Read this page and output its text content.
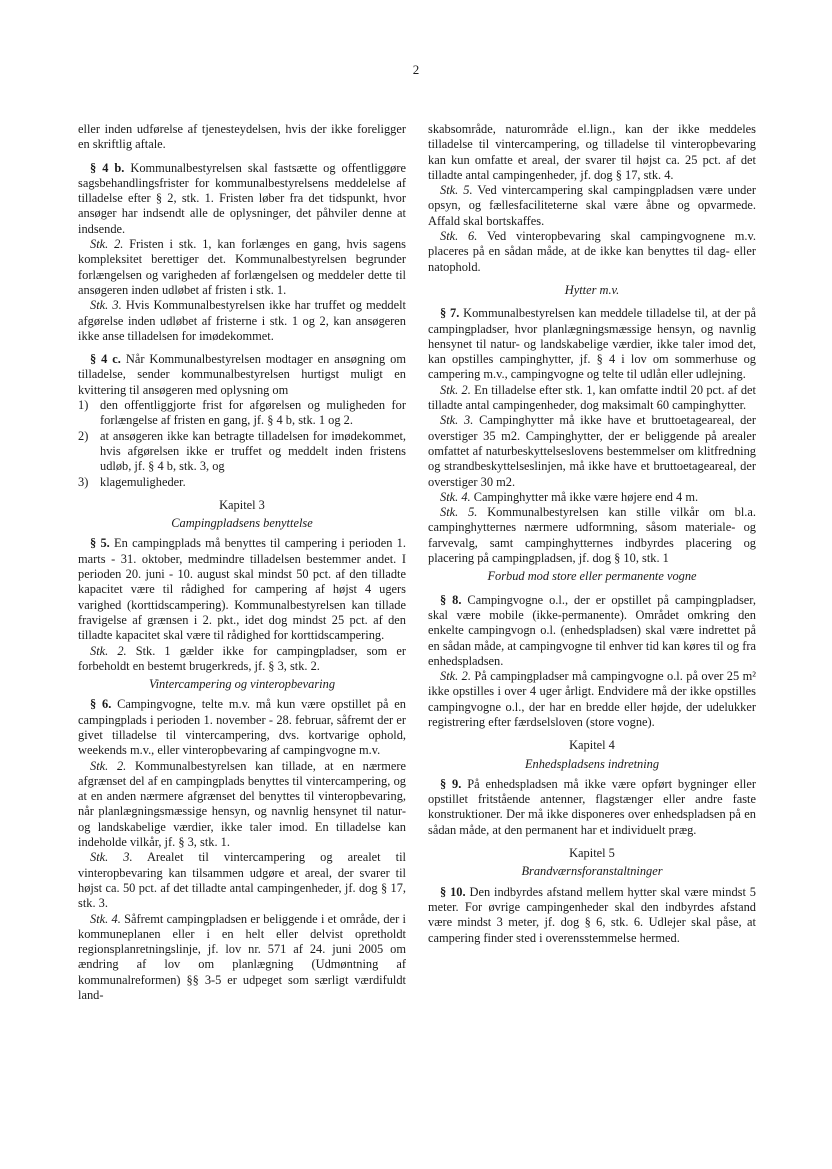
2

eller inden udførelse af tjenesteydelsen, hvis der ikke foreligger en skriftlig aftale.

§ 4 b. Kommunalbestyrelsen skal fastsætte og offentliggøre sagsbehandlingsfrister for kommunalbestyrelsens meddelelse af tilladelse efter § 2, stk. 1. Fristen løber fra det tidspunkt, hvor ansøger har indsendt alle de oplysninger, det påhviler denne at indsende.

Stk. 2. Fristen i stk. 1, kan forlænges en gang, hvis sagens kompleksitet berettiger det. Kommunalbestyrelsen begrunder forlængelsen og varigheden af forlængelsen og meddeler dette til ansøgeren inden udløbet af fristen i stk. 1.

Stk. 3. Hvis Kommunalbestyrelsen ikke har truffet og meddelt afgørelse inden udløbet af fristerne i stk. 1 og 2, kan ansøgeren ikke anse tilladelsen for imødekommet.

§ 4 c. Når Kommunalbestyrelsen modtager en ansøgning om tilladelse, sender kommunalbestyrelsen hurtigst muligt en kvittering til ansøgeren med oplysning om

1) den offentliggjorte frist for afgørelsen og muligheden for forlængelse af fristen en gang, jf. § 4 b, stk. 1 og 2.
2) at ansøgeren ikke kan betragte tilladelsen for imødekommet, hvis afgørelsen ikke er truffet og meddelt inden fristens udløb, jf. § 4 b, stk. 3, og
3) klagemuligheder.

Kapitel 3

Campingpladsens benyttelse

§ 5. En campingplads må benyttes til campering i perioden 1. marts - 31. oktober, medmindre tilladelsen bestemmer andet. I perioden 20. juni - 10. august skal mindst 50 pct. af den tilladte kapacitet være til rådighed for campering af højst 4 ugers varighed (korttidscampering). Kommunalbestyrelsen kan tillade fravigelse af grænsen i 2. pkt., idet dog mindst 25 pct. af den tilladte kapacitet skal være til rådighed for korttidscampering.

Stk. 2. Stk. 1 gælder ikke for campingpladser, som er forbeholdt en bestemt brugerkreds, jf. § 3, stk. 2.

Vintercampering og vinteropbevaring

§ 6. Campingvogne, telte m.v. må kun være opstillet på en campingplads i perioden 1. november - 28. februar, såfremt der er givet tilladelse til vintercampering, dvs. kortvarige ophold, weekends m.v., eller vinteropbevaring af campingvogne m.v.

Stk. 2. Kommunalbestyrelsen kan tillade, at en nærmere afgrænset del af en campingplads benyttes til vintercampering, og at en anden nærmere afgrænset del benyttes til vinteropbevaring, når planlægningsmæssige hensyn, og navnlig hensynet til natur- og landskabelige værdier, ikke taler imod. En tilladelse kan indeholde vilkår, jf. § 3, stk. 1.

Stk. 3. Arealet til vintercampering og arealet til vinteropbevaring kan tilsammen udgøre et areal, der svarer til højst ca. 50 pct. af det tilladte antal campingenheder, jf. dog § 17, stk. 3.

Stk. 4. Såfremt campingpladsen er beliggende i et område, der i kommuneplanen eller i en helt eller delvist opretholdt regionsplanretningslinje, jf. lov nr. 571 af 24. juni 2005 om ændring af lov om planlægning (Udmøntning af kommunalreformen) §§ 3-5 er udpeget som særligt værdifuldt land-

skabsområde, naturområde el.lign., kan der ikke meddeles tilladelse til vintercampering, og tilladelse til vinteropbevaring kan kun omfatte et areal, der svarer til højst ca. 25 pct. af det tilladte antal campingenheder, jf. dog § 17, stk. 4.

Stk. 5. Ved vintercampering skal campingpladsen være under opsyn, og fællesfaciliteterne skal være åbne og opvarmede. Affald skal bortskaffes.

Stk. 6. Ved vinteropbevaring skal campingvognene m.v. placeres på en sådan måde, at de ikke kan benyttes til dag- eller natophold.

Hytter m.v.

§ 7. Kommunalbestyrelsen kan meddele tilladelse til, at der på campingpladser, hvor planlægningsmæssige hensyn, og navnlig hensynet til natur- og landskabelige værdier, ikke taler imod det, kan opstilles campinghytter, jf. § 4 i lov om sommerhuse og campering m.v., campingvogne og telte til udlån eller udlejning.

Stk. 2. En tilladelse efter stk. 1, kan omfatte indtil 20 pct. af det tilladte antal campingenheder, dog maksimalt 60 campinghytter.

Stk. 3. Campinghytter må ikke have et bruttoetageareal, der overstiger 35 m2. Campinghytter, der er beliggende på arealer omfattet af naturbeskyttelseslovens bestemmelser om klitfredning og strandbeskyttelseslinjen, må ikke have et bruttoetageareal, der overstiger 30 m2.

Stk. 4. Campinghytter må ikke være højere end 4 m.

Stk. 5. Kommunalbestyrelsen kan stille vilkår om bl.a. campinghytternes nærmere udformning, såsom materiale- og farvevalg, samt campinghytternes indbyrdes placering og placering på campingpladsen, jf. dog § 10, stk. 1

Forbud mod store eller permanente vogne

§ 8. Campingvogne o.l., der er opstillet på campingpladser, skal være mobile (ikke-permanente). Området omkring den enkelte campingvogn o.l. (enhedspladsen) skal være indrettet på en sådan måde, at campingvogne til enhver tid kan køres til og fra enhedspladsen.

Stk. 2. På campingpladser må campingvogne o.l. på over 25 m² ikke opstilles i over 4 uger årligt. Endvidere må der ikke opstilles campingvogne o.l., der har en bredde eller højde, der udelukker registrering efter færdselsloven (store vogne).

Kapitel 4

Enhedspladsens indretning

§ 9. På enhedspladsen må ikke være opført bygninger eller opstillet fritstående antenner, flagstænger eller andre faste konstruktioner. Der må ikke disponeres over enhedspladsen på en sådan måde, at den permanent har et individuelt præg.

Kapitel 5

Brandværnsforanstaltninger

§ 10. Den indbyrdes afstand mellem hytter skal være mindst 5 meter. For øvrige campingenheder skal den indbyrdes afstand være mindst 3 meter, jf. dog § 6, stk. 6. Udlejer skal påse, at campering finder sted i overensstemmelse hermed.
